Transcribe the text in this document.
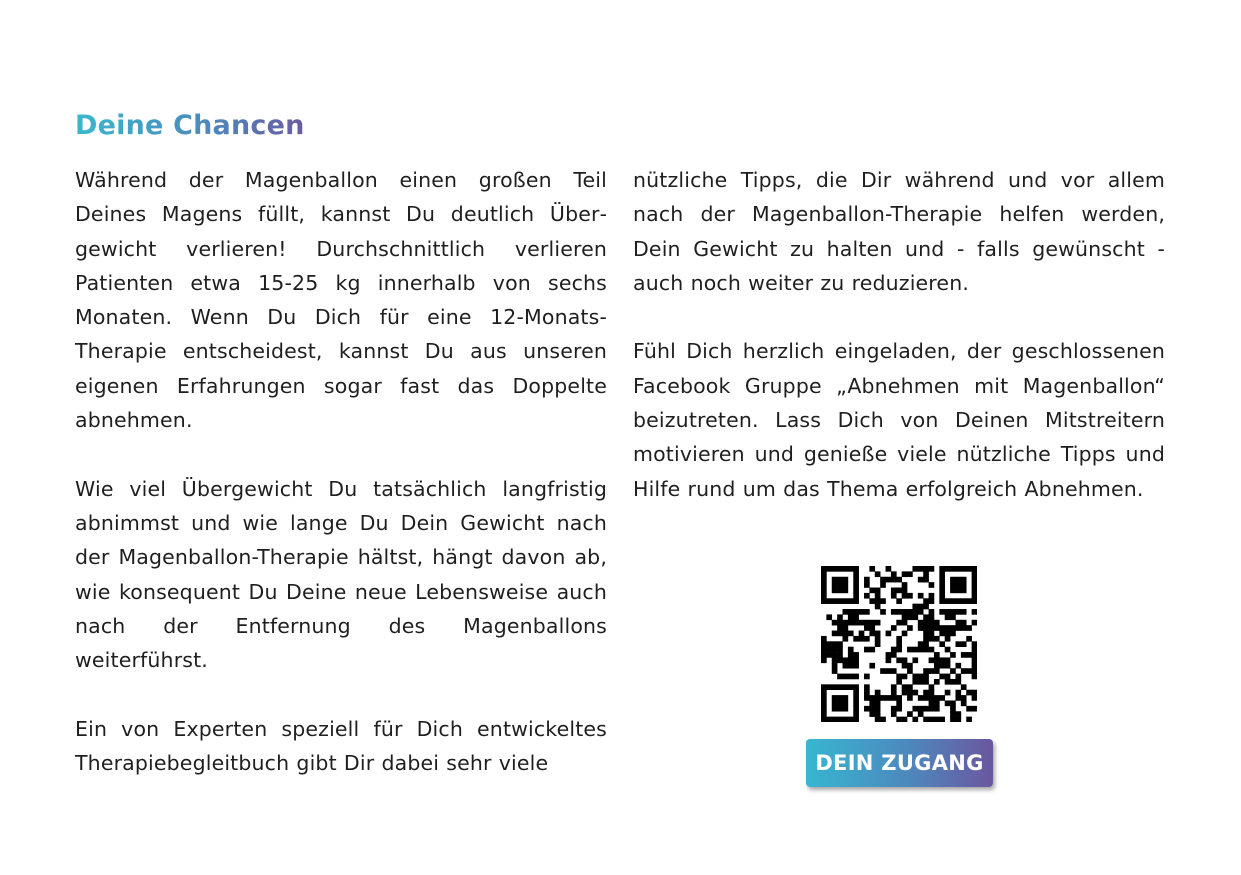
Deine Chancen

Während der Magenballon einen großen Teil Deines Magens füllt, kannst Du deutlich Übergewicht verlieren! Durchschnittlich verlieren Patienten etwa 15-25 kg innerhalb von sechs Monaten. Wenn Du Dich für eine 12-Monats-Therapie entscheidest, kannst Du aus unseren eigenen Erfahrungen sogar fast das Doppelte abnehmen.

Wie viel Übergewicht Du tatsächlich langfristig abnimmst und wie lange Du Dein Gewicht nach der Magenballon-Therapie hältst, hängt davon ab, wie konsequent Du Deine neue Lebensweise auch nach der Entfernung des Magenballons weiterführst.

Ein von Experten speziell für Dich entwickeltes Therapiebegleitbuch gibt Dir dabei sehr viele

nützliche Tipps, die Dir während und vor allem nach der Magenballon-Therapie helfen werden, Dein Gewicht zu halten und - falls gewünscht - auch noch weiter zu reduzieren.

Fühl Dich herzlich eingeladen, der geschlossenen Facebook Gruppe „Abnehmen mit Magenballon“ beizutreten. Lass Dich von Deinen Mitstreitern motivieren und genieße viele nützliche Tipps und Hilfe rund um das Thema erfolgreich Abnehmen.

DEIN ZUGANG
